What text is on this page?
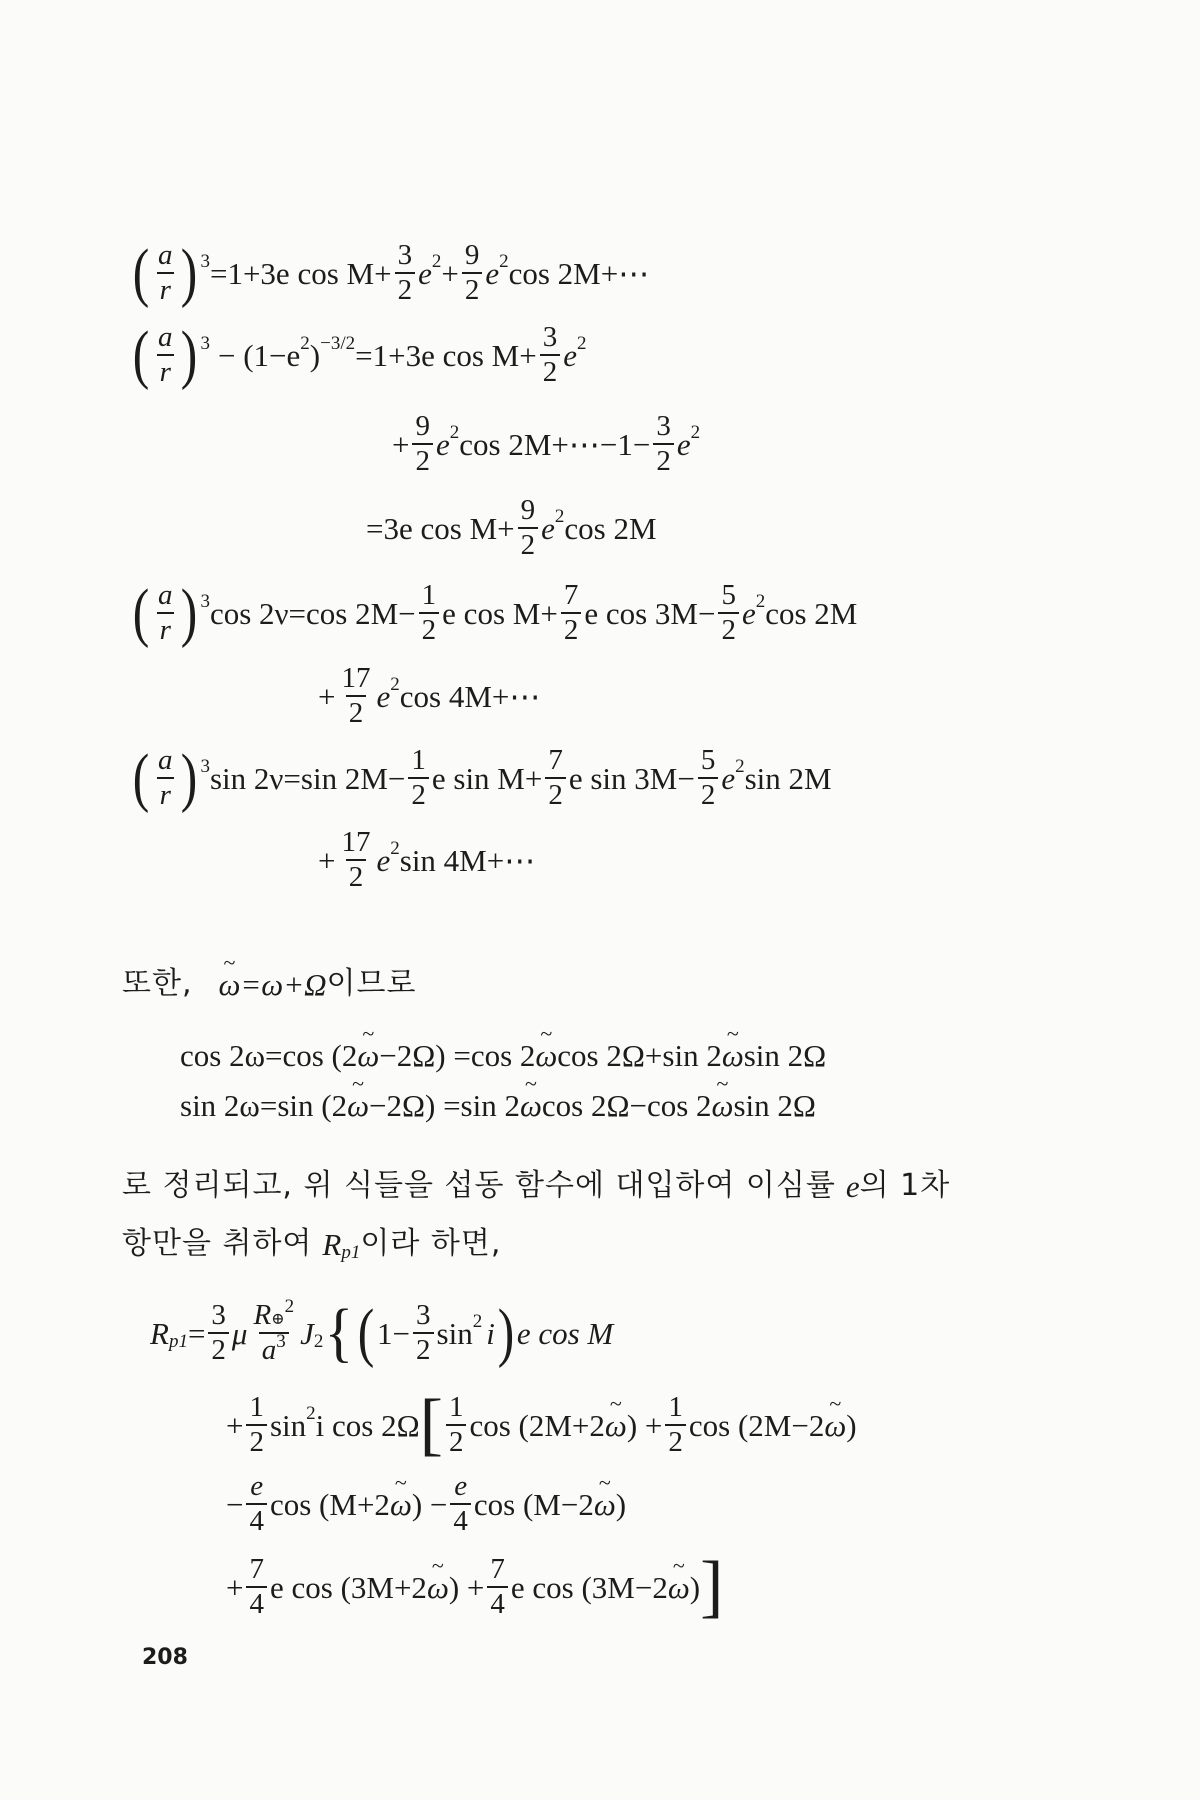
( $\frac{a}{r}$ ) 3 =1+3e $\cos M+ \frac{3}{2}$ e $2 + \frac{9}{2}$ e 2 cos 2M+⋯
( $\frac{a}{r}$ ) 3 − (1−e 2 ) −3/2 =1+3e $\cos M+ \frac{3}{2}$ e 2
+ $\frac{9}{2}$ e 2 cos 2M+⋯−1− $\frac{3}{2}$ e 2
=3e $\cos M+ \frac{9}{2}$ e 2 cos 2M
( $\frac{a}{r}$ ) 3 cos 2ν=cos $2M- \frac{1}{2}$ e $\cos M+ \frac{7}{2}$ e $\cos 3M- \frac{5}{2}$ e 2 cos 2M
+ $\frac{17}{2}$ e 2 cos 4M+⋯
( $\frac{a}{r}$ ) 3 sin 2ν=sin $2M- \frac{1}{2}$ e $\sin M+ \frac{7}{2}$ e $\sin 3M- \frac{5}{2}$ e 2 sin 2M
+ $\frac{17}{2}$ e 2 sin 4M+⋯
또한, ~ ω =ω+Ω 이므로
cos 2ω=cos (2 ~ ω −2Ω) =cos 2 ~ ω cos 2Ω+sin 2 ~ ω sin 2Ω
sin 2ω=sin (2 ~ ω −2Ω) =sin 2 ~ ω cos 2Ω−cos 2 ~ ω sin 2Ω
로 정리되고, 위 식들을 섭동 함수에 대입하여 이심률 e 의 1차
항만을 취하여 R p1 이라 하면,
R $p1 = \frac{3}{2}$ μ $\frac{R\oplus^2}{a^3}$ J 2 { ( $1- \frac{3}{2}$ sin 2 i ) e cos M
+ $\frac{1}{2}$ sin 2 i cos 2Ω [ $\frac{1}{2}$ cos (2M+2 ~ ω ) + $\frac{1}{2}$ cos (2M−2 ~ ω )
− $\frac{e}{4}$ cos (M+2 ~ ω ) − $\frac{e}{4}$ cos (M−2 ~ ω )
+ $\frac{7}{4}$ e cos (3M+2 ~ ω ) + $\frac{7}{4}$ e cos (3M−2 ~ ω ) ]
208
